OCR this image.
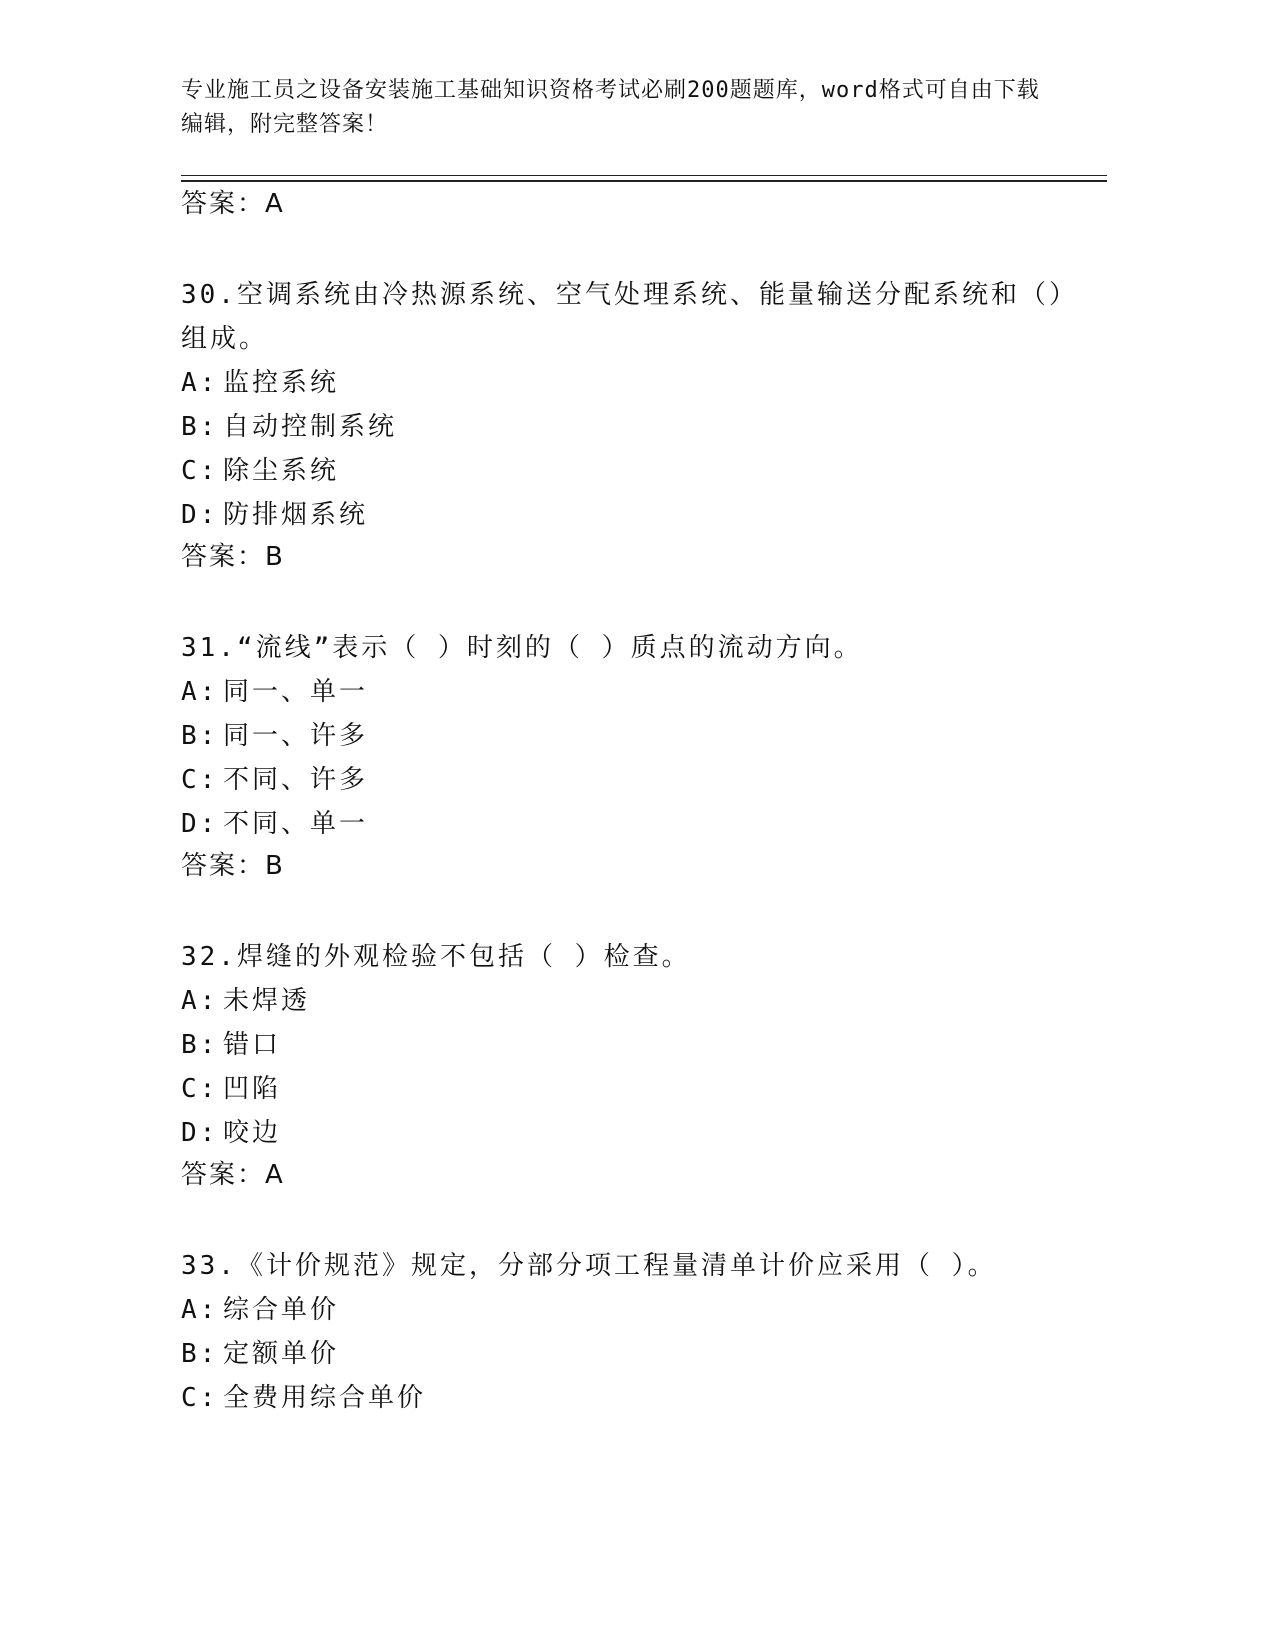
专业施工员之设备安装施工基础知识资格考试必刷200题题库，word格式可自由下载编辑，附完整答案！

答案：A

30.空调系统由冷热源系统、空气处理系统、能量输送分配系统和（）组成。

A: 监控系统

B: 自动控制系统

C: 除尘系统

D: 防排烟系统

答案：B

31.“流线”表示（ ）时刻的（ ）质点的流动方向。

A: 同一、单一

B: 同一、许多

C: 不同、许多

D: 不同、单一

答案：B

32.焊缝的外观检验不包括（ ）检查。

A: 未焊透

B: 错口

C: 凹陷

D: 咬边

答案：A

33.《计价规范》规定，分部分项工程量清单计价应采用（ ）。

A: 综合单价

B: 定额单价

C: 全费用综合单价
